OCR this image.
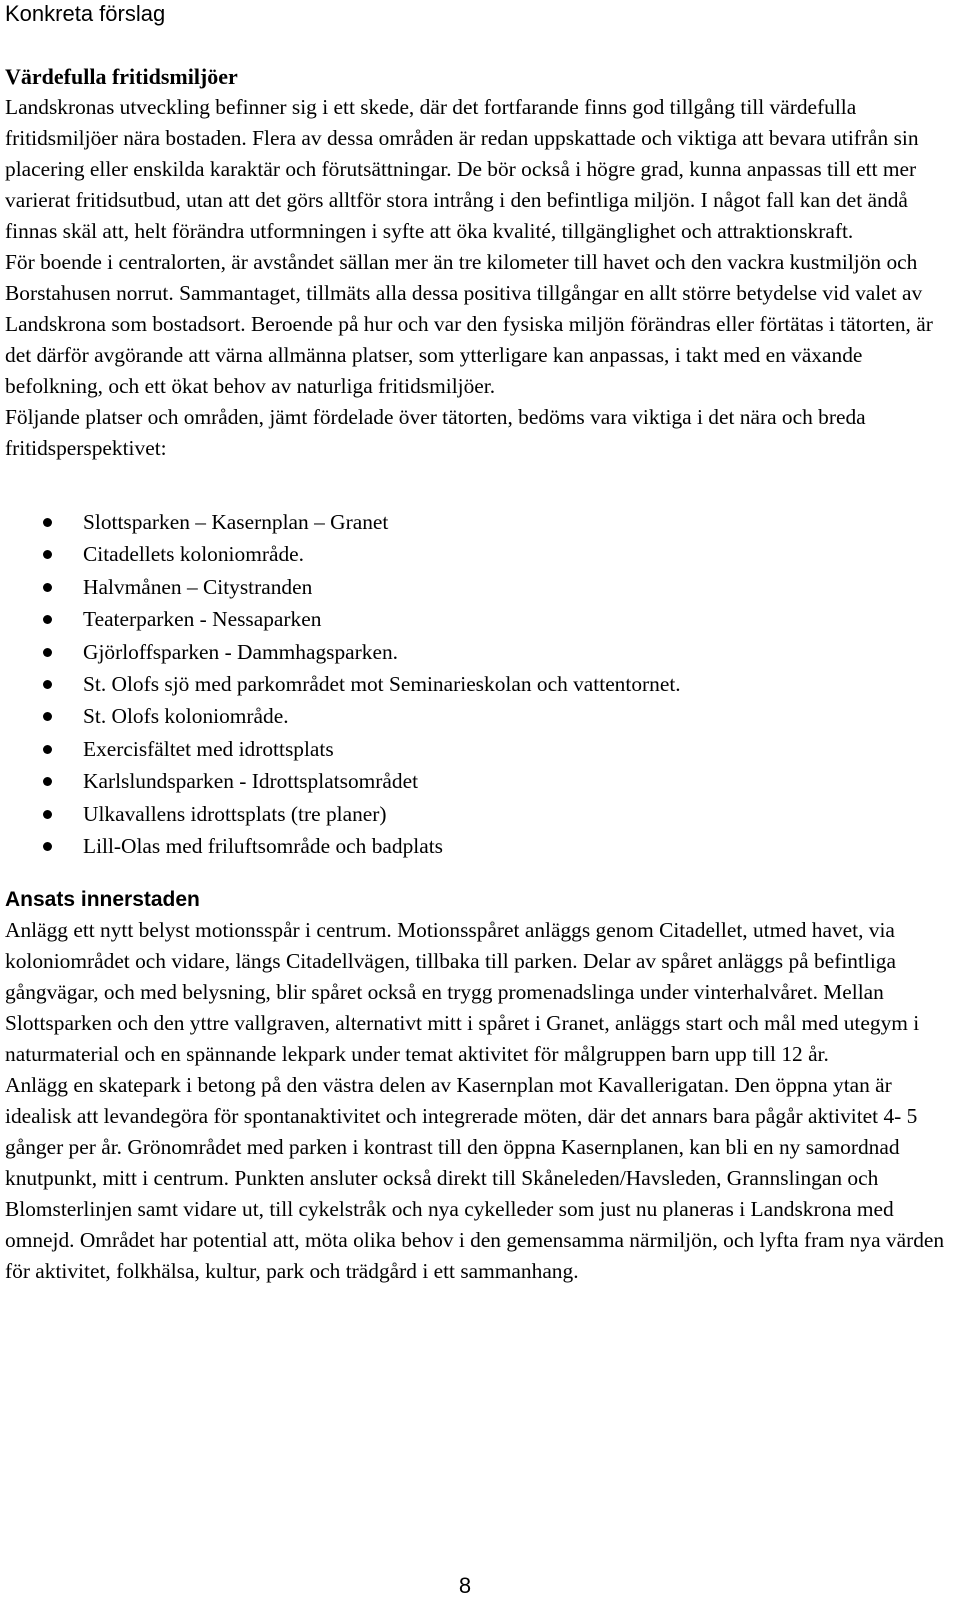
Konkreta förslag
Värdefulla fritidsmiljöer

Landskronas utveckling befinner sig i ett skede, där det fortfarande finns god tillgång till värdefulla fritidsmiljöer nära bostaden. Flera av dessa områden är redan uppskattade och viktiga att bevara utifrån sin placering eller enskilda karaktär och förutsättningar. De bör också i högre grad, kunna anpassas till ett mer varierat fritidsutbud, utan att det görs alltför stora intrång i den befintliga miljön. I något fall kan det ändå finnas skäl att, helt förändra utformningen i syfte att öka kvalité, tillgänglighet och attraktionskraft.

För boende i centralorten, är avståndet sällan mer än tre kilometer till havet och den vackra kustmiljön och Borstahusen norrut. Sammantaget, tillmäts alla dessa positiva tillgångar en allt större betydelse vid valet av Landskrona som bostadsort. Beroende på hur och var den fysiska miljön förändras eller förtätas i tätorten, är det därför avgörande att värna allmänna platser, som ytterligare kan anpassas, i takt med en växande befolkning, och ett ökat behov av naturliga fritidsmiljöer.

Följande platser och områden, jämt fördelade över tätorten, bedöms vara viktiga i det nära och breda fritidsperspektivet:

Slottsparken – Kasernplan – Granet
Citadellets koloniområde.
Halvmånen – Citystranden
Teaterparken - Nessaparken
Gjörloffsparken - Dammhagsparken.
St. Olofs sjö med parkområdet mot Seminarieskolan och vattentornet.
St. Olofs koloniområde.
Exercisfältet med idrottsplats
Karlslundsparken - Idrottsplatsområdet
Ulkavallens idrottsplats (tre planer)
Lill-Olas med friluftsområde och badplats
Ansats innerstaden

Anlägg ett nytt belyst motionsspår i centrum. Motionsspåret anläggs genom Citadellet, utmed havet, via koloniområdet och vidare, längs Citadellvägen, tillbaka till parken. Delar av spåret anläggs på befintliga gångvägar, och med belysning, blir spåret också en trygg promenadslinga under vinterhalvåret. Mellan Slottsparken och den yttre vallgraven, alternativt mitt i spåret i Granet, anläggs start och mål med utegym i naturmaterial och en spännande lekpark under temat aktivitet för målgruppen barn upp till 12 år.

Anlägg en skatepark i betong på den västra delen av Kasernplan mot Kavallerigatan. Den öppna ytan är idealisk att levandegöra för spontanaktivitet och integrerade möten, där det annars bara pågår aktivitet 4- 5 gånger per år. Grönområdet med parken i kontrast till den öppna Kasernplanen, kan bli en ny samordnad knutpunkt, mitt i centrum. Punkten ansluter också direkt till Skåneleden/Havsleden, Grannslingan och Blomsterlinjen samt vidare ut, till cykelstråk och nya cykelleder som just nu planeras i Landskrona med omnejd. Området har potential att, möta olika behov i den gemensamma närmiljön, och lyfta fram nya värden för aktivitet, folkhälsa, kultur, park och trädgård i ett sammanhang.

8
